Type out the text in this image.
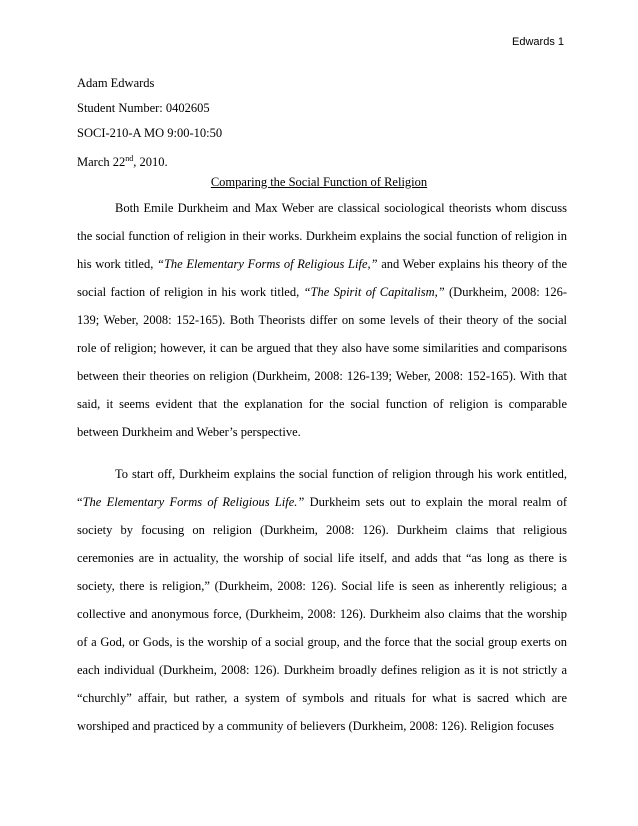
Edwards 1
Adam Edwards
Student Number: 0402605
SOCI-210-A MO 9:00-10:50
March 22nd, 2010.
Comparing the Social Function of Religion
Both Emile Durkheim and Max Weber are classical sociological theorists whom discuss
the social function of religion in their works. Durkheim explains the social function of religion in
his work titled, “The Elementary Forms of Religious Life,” and Weber explains his theory of the
social faction of religion in his work titled, “The Spirit of Capitalism,” (Durkheim, 2008: 126-
139; Weber, 2008: 152-165). Both Theorists differ on some levels of their theory of the social
role of religion; however, it can be argued that they also have some similarities and comparisons
between their theories on religion (Durkheim, 2008: 126-139; Weber, 2008: 152-165). With that
said, it seems evident that the explanation for the social function of religion is comparable
between Durkheim and Weber’s perspective.
To start off, Durkheim explains the social function of religion through his work entitled,
“The Elementary Forms of Religious Life.” Durkheim sets out to explain the moral realm of
society by focusing on religion (Durkheim, 2008: 126). Durkheim claims that religious
ceremonies are in actuality, the worship of social life itself, and adds that “as long as there is
society, there is religion,” (Durkheim, 2008: 126). Social life is seen as inherently religious; a
collective and anonymous force, (Durkheim, 2008: 126). Durkheim also claims that the worship
of a God, or Gods, is the worship of a social group, and the force that the social group exerts on
each individual (Durkheim, 2008: 126). Durkheim broadly defines religion as it is not strictly a
“churchly” affair, but rather, a system of symbols and rituals for what is sacred which are
worshiped and practiced by a community of believers (Durkheim, 2008: 126). Religion focuses
